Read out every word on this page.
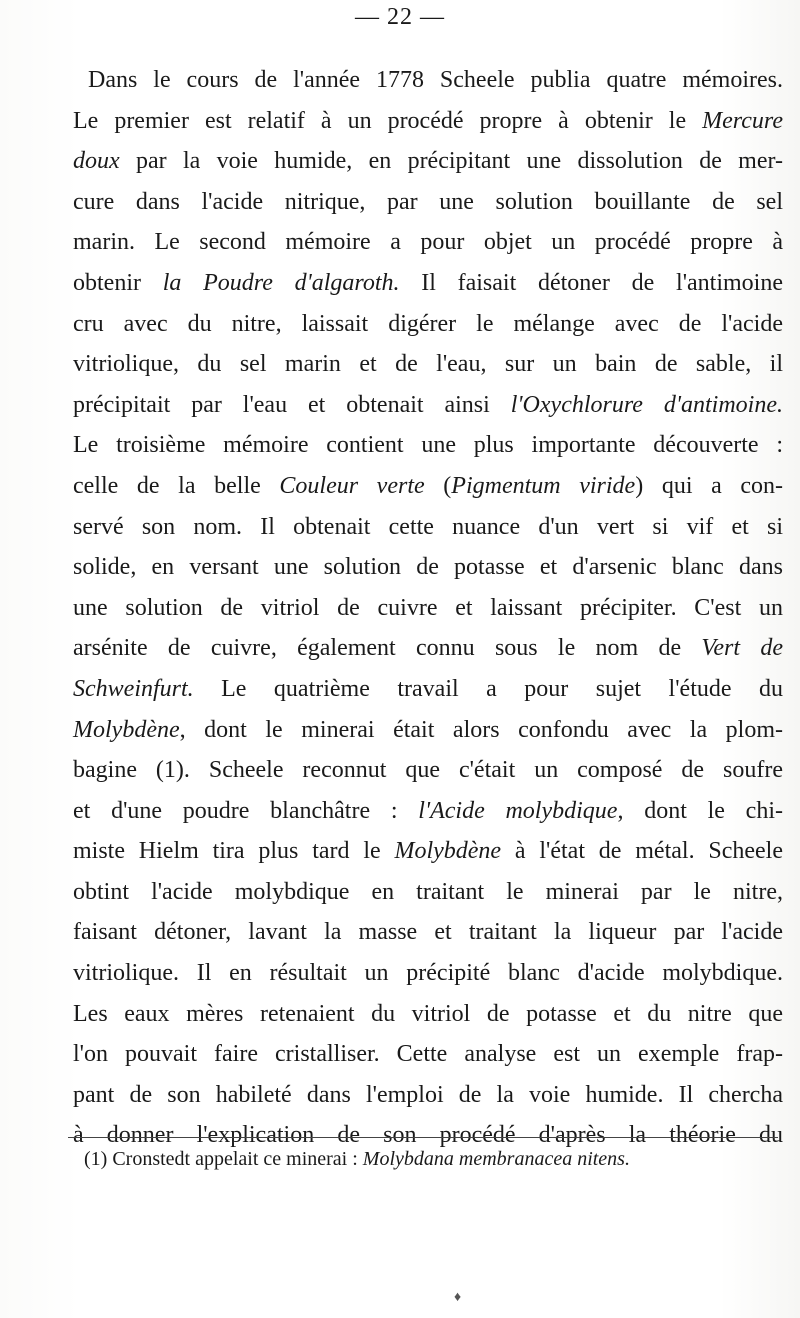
— 22 —
Dans le cours de l'année 1778 Scheele publia quatre mémoires.
Le premier est relatif à un procédé propre à obtenir le Mercure
doux par la voie humide, en précipitant une dissolution de mer-
cure dans l'acide nitrique, par une solution bouillante de sel
marin. Le second mémoire a pour objet un procédé propre à
obtenir la Poudre d'algaroth. Il faisait détoner de l'antimoine
cru avec du nitre, laissait digérer le mélange avec de l'acide
vitriolique, du sel marin et de l'eau, sur un bain de sable, il
précipitait par l'eau et obtenait ainsi l'Oxychlorure d'antimoine.
Le troisième mémoire contient une plus importante découverte :
celle de la belle Couleur verte (Pigmentum viride) qui a con-
servé son nom. Il obtenait cette nuance d'un vert si vif et si
solide, en versant une solution de potasse et d'arsenic blanc dans
une solution de vitriol de cuivre et laissant précipiter. C'est un
arsénite de cuivre, également connu sous le nom de Vert de
Schweinfurt. Le quatrième travail a pour sujet l'étude du
Molybdène, dont le minerai était alors confondu avec la plom-
bagine (1). Scheele reconnut que c'était un composé de soufre
et d'une poudre blanchâtre : l'Acide molybdique, dont le chi-
miste Hielm tira plus tard le Molybdène à l'état de métal. Scheele
obtint l'acide molybdique en traitant le minerai par le nitre,
faisant détoner, lavant la masse et traitant la liqueur par l'acide
vitriolique. Il en résultait un précipité blanc d'acide molybdique.
Les eaux mères retenaient du vitriol de potasse et du nitre que
l'on pouvait faire cristalliser. Cette analyse est un exemple frap-
pant de son habileté dans l'emploi de la voie humide. Il chercha
à donner l'explication de son procédé d'après la théorie du

(1) Cronstedt appelait ce minerai : Molybdana membranacea nitens.

♦
